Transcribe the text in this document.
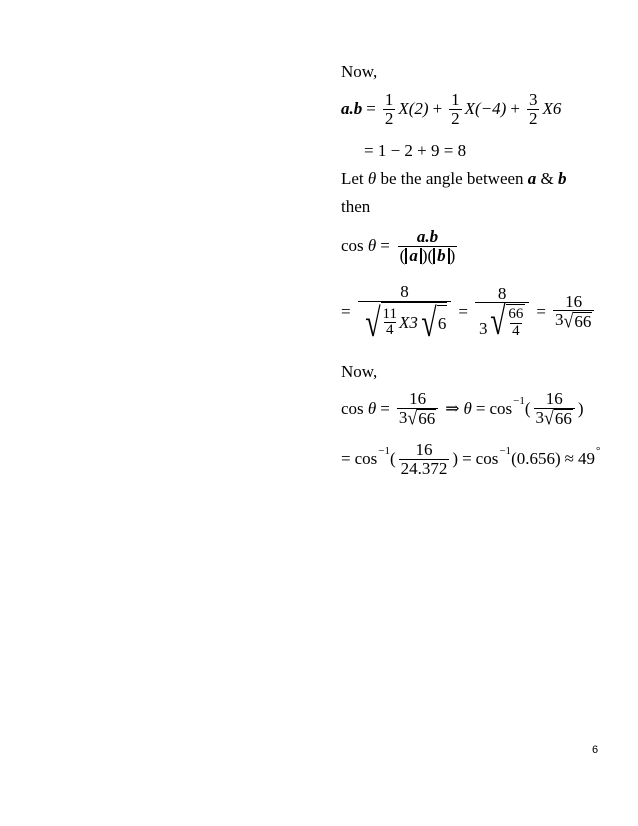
Now,
$a.b = \frac{1}{2} X(2) + \frac{1}{2} X(-4) + \frac{3}{2} X6$
= 1 − 2 + 9 = 8
Let θ be the angle between a & b
then
cos
$\theta = \frac{a.b}{( a )( b )}$
= $\frac{8}{√ \frac{11}{4} X3 √ 6} = \frac{8}{3 √ \frac{66}{4}} = \frac{16}{3 √ 66}$
Now,
cos
$\theta = \frac{16}{3 √ 66}$ ⇒ θ = cos −1 ( $\frac{16}{3 √ 66}$ )
= cos −1 ( $\frac{16}{24.372}$ ) = cos −1 (0.656) ≈ 49 °
6
